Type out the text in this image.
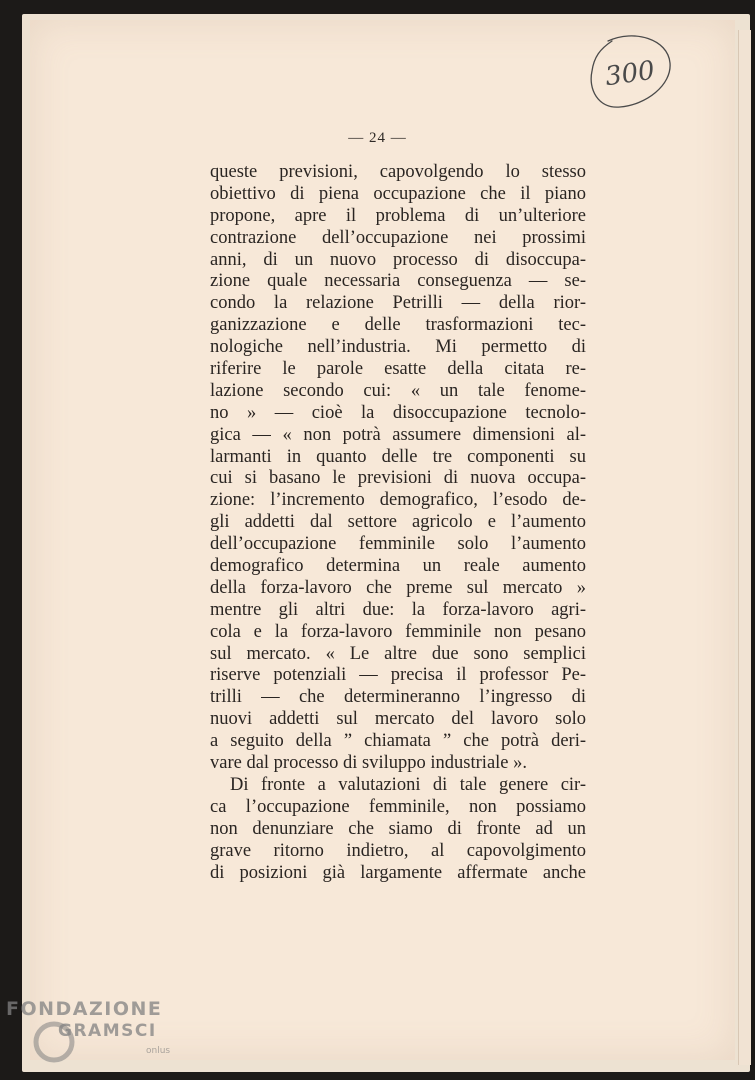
300
— 24 —
queste previsioni, capovolgendo lo stesso
obiettivo di piena occupazione che il piano
propone, apre il problema di un’ulteriore
contrazione dell’occupazione nei prossimi
anni, di un nuovo processo di disoccupa-
zione quale necessaria conseguenza — se-
condo la relazione Petrilli — della rior-
ganizzazione e delle trasformazioni tec-
nologiche nell’industria. Mi permetto di
riferire le parole esatte della citata re-
lazione secondo cui: « un tale fenome-
no » — cioè la disoccupazione tecnolo-
gica — « non potrà assumere dimensioni al-
larmanti in quanto delle tre componenti su
cui si basano le previsioni di nuova occupa-
zione: l’incremento demografico, l’esodo de-
gli addetti dal settore agricolo e l’aumento
dell’occupazione femminile solo l’aumento
demografico determina un reale aumento
della forza-lavoro che preme sul mercato »
mentre gli altri due: la forza-lavoro agri-
cola e la forza-lavoro femminile non pesano
sul mercato. « Le altre due sono semplici
riserve potenziali — precisa il professor Pe-
trilli — che determineranno l’ingresso di
nuovi addetti sul mercato del lavoro solo
a seguito della ” chiamata ” che potrà deri-
vare dal processo di sviluppo industriale ».
Di fronte a valutazioni di tale genere cir-
ca l’occupazione femminile, non possiamo
non denunziare che siamo di fronte ad un
grave ritorno indietro, al capovolgimento
di posizioni già largamente affermate anche
FONDAZIONE
GRAMSCI
onlus
